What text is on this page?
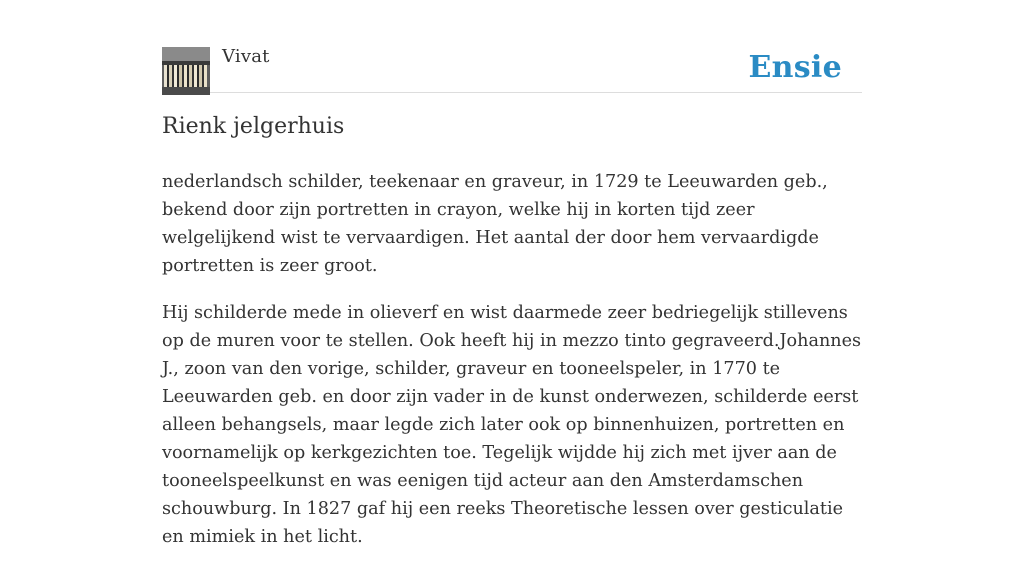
Vivat	Ensie
Rienk jelgerhuis

nederlandsch schilder, teekenaar en graveur, in 1729 te Leeuwarden geb., bekend door zijn portretten in crayon, welke hij in korten tijd zeer welgelijkend wist te vervaardigen. Het aantal der door hem vervaardigde portretten is zeer groot.

Hij schilderde mede in olieverf en wist daarmede zeer bedriegelijk stillevens op de muren voor te stellen. Ook heeft hij in mezzo tinto gegraveerd.Johannes J., zoon van den vorige, schilder, graveur en tooneelspeler, in 1770 te Leeuwarden geb. en door zijn vader in de kunst onderwezen, schilderde eerst alleen behangsels, maar legde zich later ook op binnenhuizen, portretten en voornamelijk op kerkgezichten toe. Tegelijk wijdde hij zich met ijver aan de tooneelspeelkunst en was eenigen tijd acteur aan den Amsterdamschen schouwburg. In 1827 gaf hij een reeks Theoretische lessen over gesticulatie en mimiek in het licht.
